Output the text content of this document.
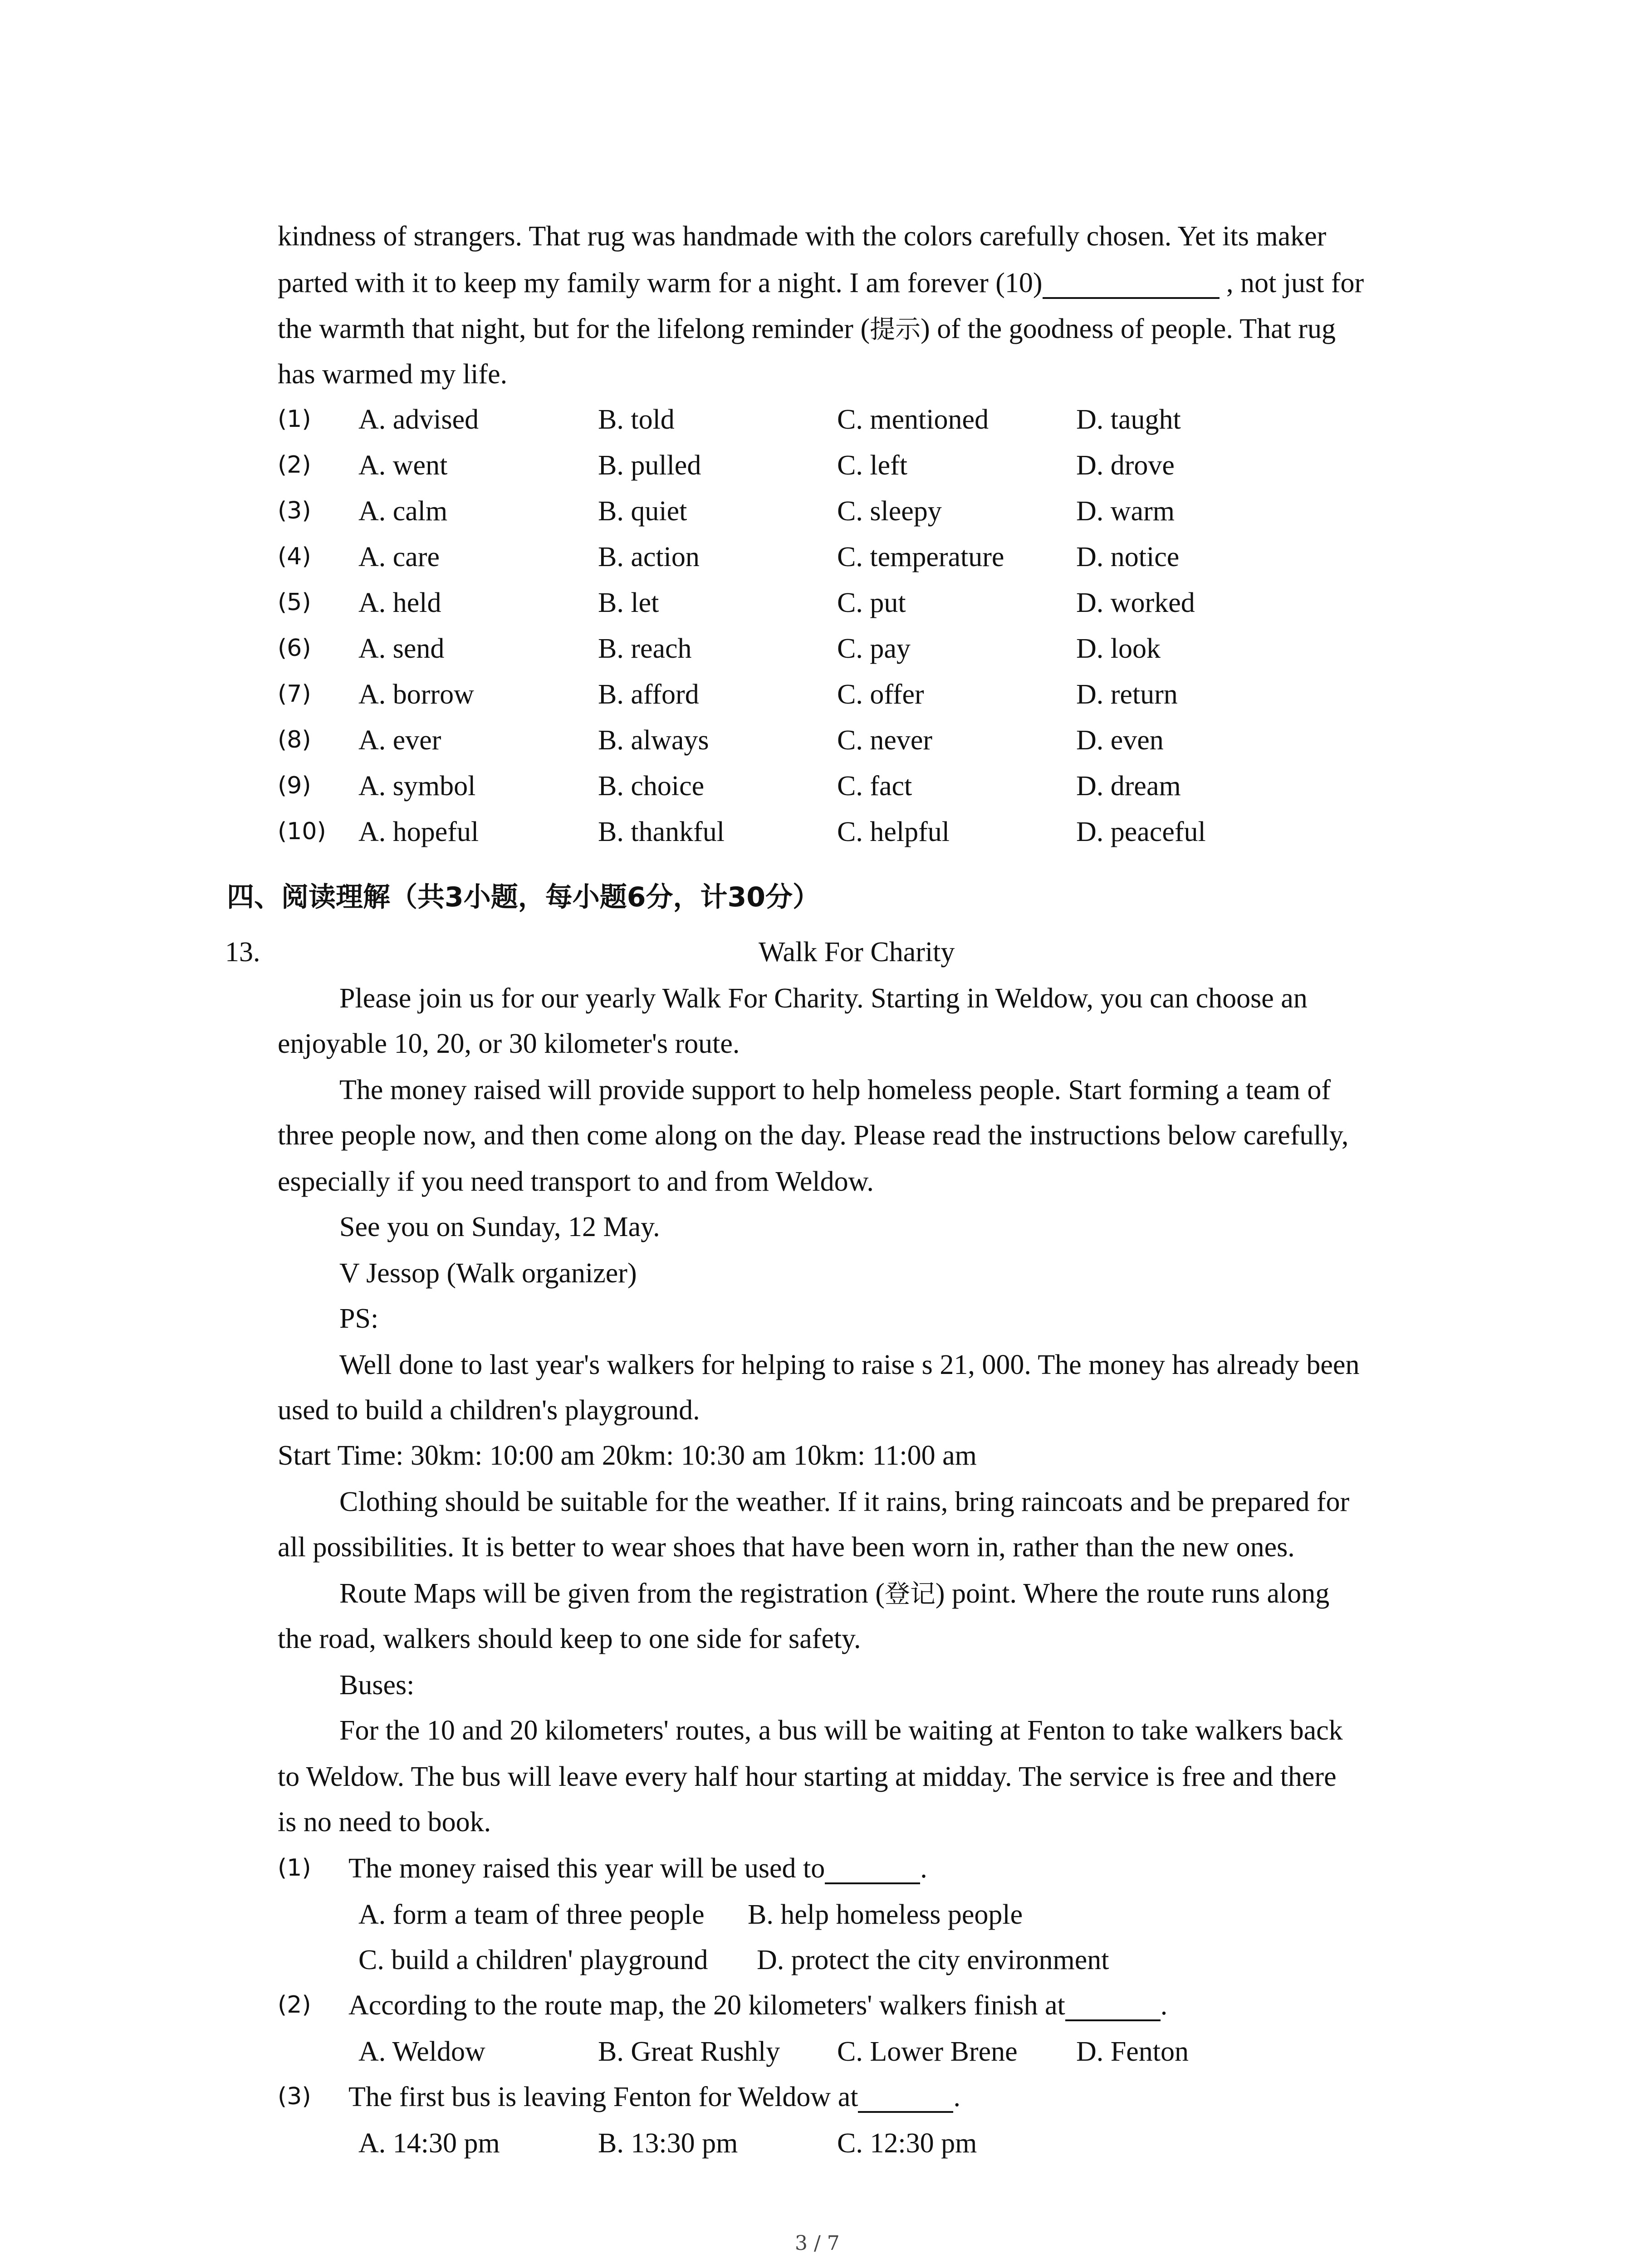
kindness of strangers. That rug was handmade with the colors carefully chosen. Yet its maker
parted with it to keep my family warm for a night. I am forever (10)	, not just for
the warmth that night, but for the lifelong reminder (提示) of the goodness of people. That rug
has warmed my life.
(1) A. advised	B. told	C. mentioned	D. taught
(2) A. went	B. pulled	C. left	D. drove
(3) A. calm	B. quiet	C. sleepy	D. warm
(4) A. care	B. action	C. temperature	D. notice
(5) A. held	B. let	C. put	D. worked
(6) A. send	B. reach	C. pay	D. look
(7) A. borrow	B. afford	C. offer	D. return
(8) A. ever	B. always	C. never	D. even
(9) A. symbol	B. choice	C. fact	D. dream
(10) A. hopeful	B. thankful	C. helpful	D. peaceful
四、阅读理解（共3小题，每小题6分，计30分）
13.	Walk For Charity
Please join us for our yearly Walk For Charity. Starting in Weldow, you can choose an
enjoyable 10, 20, or 30 kilometer's route.
The money raised will provide support to help homeless people. Start forming a team of
three people now, and then come along on the day. Please read the instructions below carefully,
especially if you need transport to and from Weldow.
See you on Sunday, 12 May.
V Jessop (Walk organizer)
PS:
Well done to last year's walkers for helping to raise s 21, 000. The money has already been
used to build a children's playground.
Start Time: 30km: 10:00 am 20km: 10:30 am 10km: 11:00 am
Clothing should be suitable for the weather. If it rains, bring raincoats and be prepared for
all possibilities. It is better to wear shoes that have been worn in, rather than the new ones.
Route Maps will be given from the registration (登记) point. Where the route runs along
the road, walkers should keep to one side for safety.
Buses:
For the 10 and 20 kilometers' routes, a bus will be waiting at Fenton to take walkers back
to Weldow. The bus will leave every half hour starting at midday. The service is free and there
is no need to book.
(1) The money raised this year will be used to	.
A. form a team of three people B. help homeless people
C. build a children' playground D. protect the city environment
(2) According to the route map, the 20 kilometers' walkers finish at	.
A. Weldow	B. Great Rushly C. Lower Brene D. Fenton
(3) The first bus is leaving Fenton for Weldow at	.
A. 14:30 pm	B. 13:30 pm	C. 12:30 pm
3 / 7
